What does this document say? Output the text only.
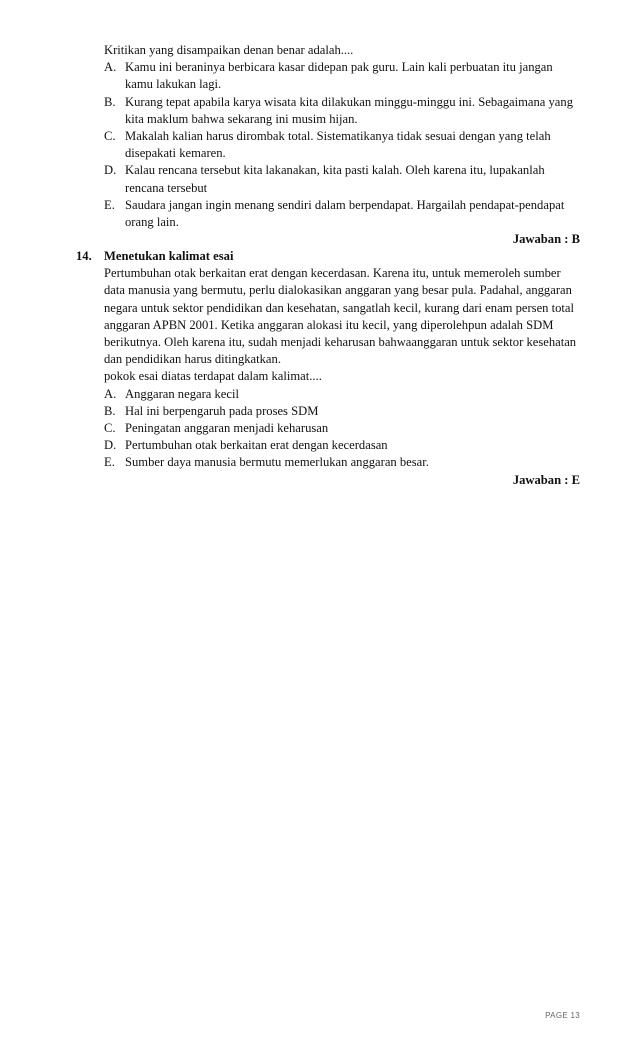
Kritikan yang disampaikan denan benar adalah....
A. Kamu ini beraninya berbicara kasar didepan pak guru. Lain kali perbuatan itu jangan
kamu lakukan lagi.
B. Kurang tepat apabila karya wisata kita dilakukan minggu-minggu ini. Sebagaimana yang
kita maklum bahwa sekarang ini musim hijan.
C. Makalah kalian harus dirombak total. Sistematikanya tidak sesuai dengan yang telah
disepakati kemaren.
D. Kalau rencana tersebut kita lakanakan, kita pasti kalah. Oleh karena itu, lupakanlah
rencana tersebut
E. Saudara jangan ingin menang sendiri dalam berpendapat. Hargailah pendapat-pendapat
orang lain.
Jawaban : B
14. Menetukan kalimat esai
Pertumbuhan otak berkaitan erat dengan kecerdasan. Karena itu, untuk memeroleh sumber
data manusia yang bermutu, perlu dialokasikan anggaran yang besar pula. Padahal, anggaran
negara untuk sektor pendidikan dan kesehatan, sangatlah kecil, kurang dari enam persen total
anggaran APBN 2001. Ketika anggaran alokasi itu kecil, yang diperolehpun adalah SDM
berikutnya. Oleh karena itu, sudah menjadi keharusan bahwaanggaran untuk sektor kesehatan
dan pendidikan harus ditingkatkan.
pokok esai diatas terdapat dalam kalimat....
A. Anggaran negara kecil
B. Hal ini berpengaruh pada proses SDM
C. Peningatan anggaran menjadi keharusan
D. Pertumbuhan otak berkaitan erat dengan kecerdasan
E. Sumber daya manusia bermutu memerlukan anggaran besar.
Jawaban : E
PAGE 13
